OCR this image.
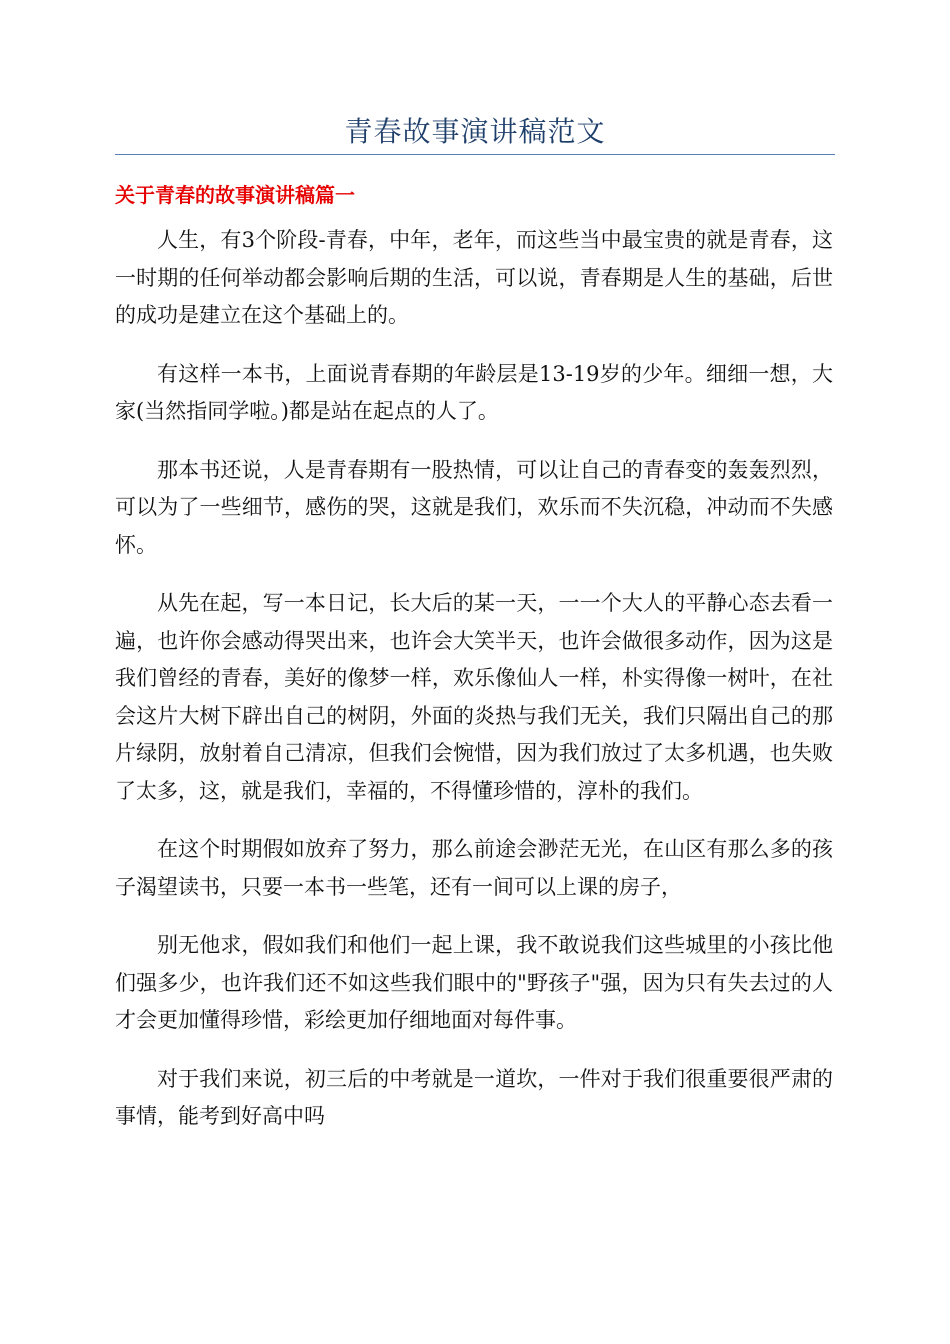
青春故事演讲稿范文
关于青春的故事演讲稿篇一

人生，有3个阶段-青春，中年，老年，而这些当中最宝贵的就是青春，这一时期的任何举动都会影响后期的生活，可以说，青春期是人生的基础，后世的成功是建立在这个基础上的。

有这样一本书，上面说青春期的年龄层是13-19岁的少年。细细一想，大家(当然指同学啦。)都是站在起点的人了。

那本书还说，人是青春期有一股热情，可以让自己的青春变的轰轰烈烈，可以为了一些细节，感伤的哭，这就是我们，欢乐而不失沉稳，冲动而不失感怀。

从先在起，写一本日记，长大后的某一天，一一个大人的平静心态去看一遍，也许你会感动得哭出来，也许会大笑半天，也许会做很多动作，因为这是我们曾经的青春，美好的像梦一样，欢乐像仙人一样，朴实得像一树叶，在社会这片大树下辟出自己的树阴，外面的炎热与我们无关，我们只隔出自己的那片绿阴，放射着自己清凉，但我们会惋惜，因为我们放过了太多机遇，也失败了太多，这，就是我们，幸福的，不得懂珍惜的，淳朴的我们。

在这个时期假如放弃了努力，那么前途会渺茫无光，在山区有那么多的孩子渴望读书，只要一本书一些笔，还有一间可以上课的房子，

别无他求，假如我们和他们一起上课，我不敢说我们这些城里的小孩比他们强多少，也许我们还不如这些我们眼中的"野孩子"强，因为只有失去过的人才会更加懂得珍惜，彩绘更加仔细地面对每件事。

对于我们来说，初三后的中考就是一道坎，一件对于我们很重要很严肃的事情，能考到好高中吗
